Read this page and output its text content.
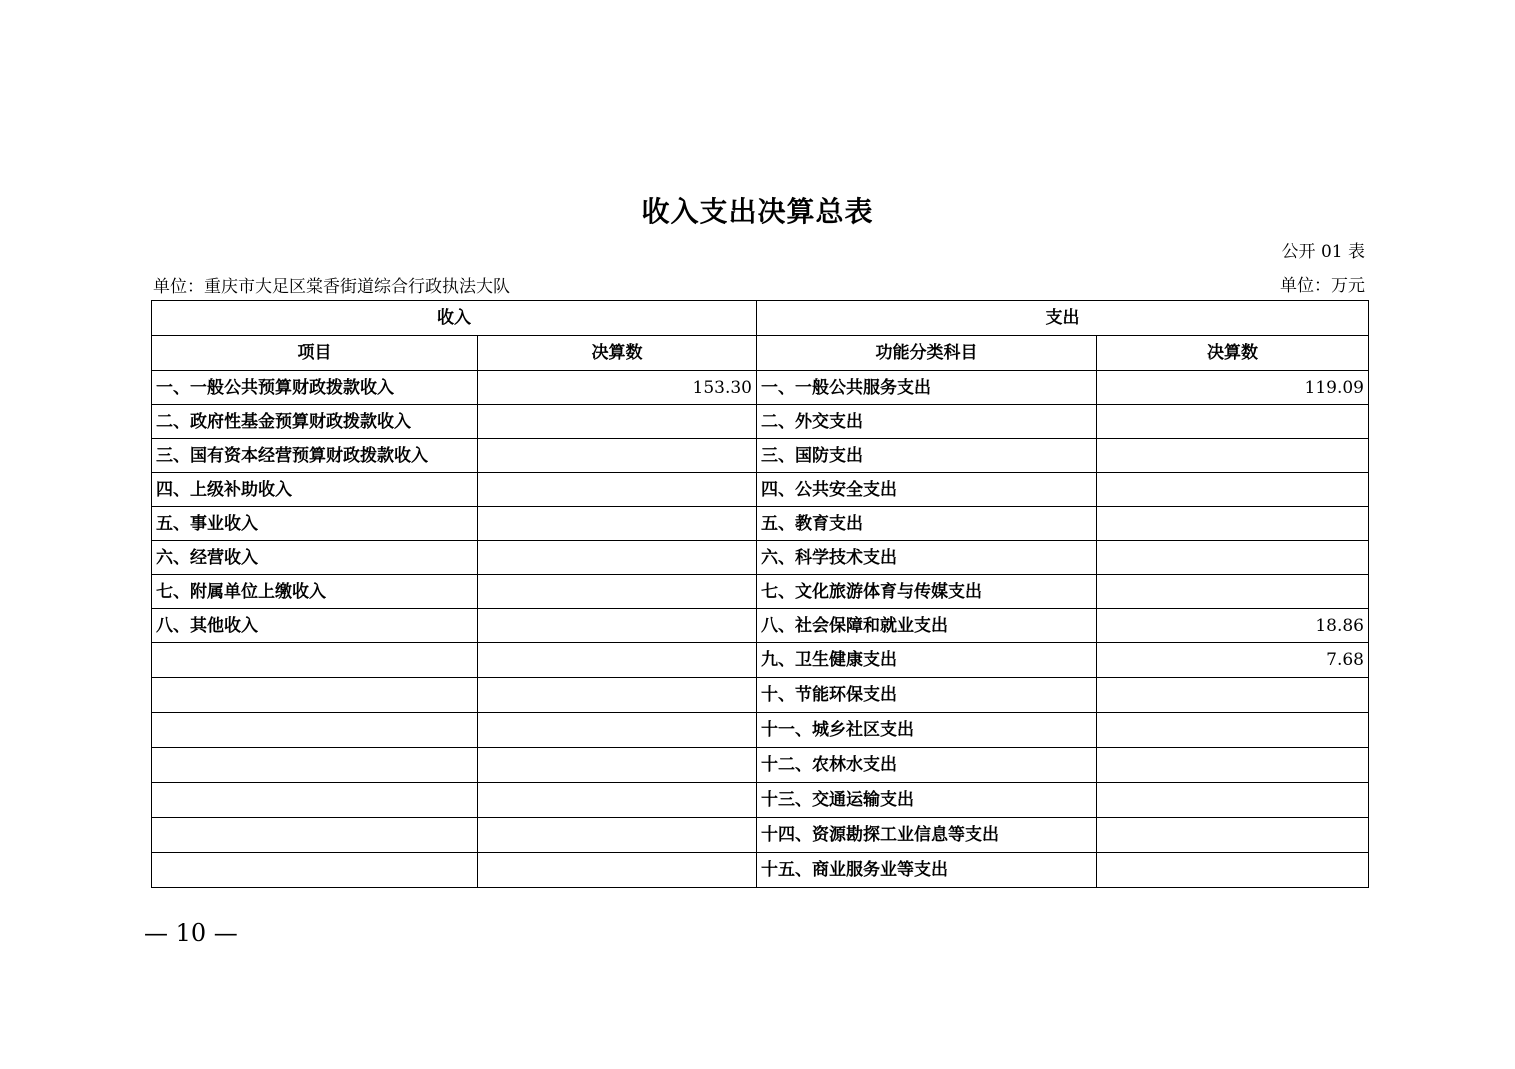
收入支出决算总表
公开 01 表
单位：重庆市大足区棠香街道综合行政执法大队	单位：万元
收入		支出	
项目	决算数	功能分类科目	决算数
一、一般公共预算财政拨款收入	153.30	一、一般公共服务支出	119.09
二、政府性基金预算财政拨款收入		二、外交支出	
三、国有资本经营预算财政拨款收入		三、国防支出	
四、上级补助收入		四、公共安全支出	
五、事业收入		五、教育支出	
六、经营收入		六、科学技术支出	
七、附属单位上缴收入		七、文化旅游体育与传媒支出	
八、其他收入		八、社会保障和就业支出	18.86
		九、卫生健康支出	7.68
		十、节能环保支出	
		十一、城乡社区支出	
		十二、农林水支出	
		十三、交通运输支出	
		十四、资源勘探工业信息等支出	
		十五、商业服务业等支出	
— 10 —
